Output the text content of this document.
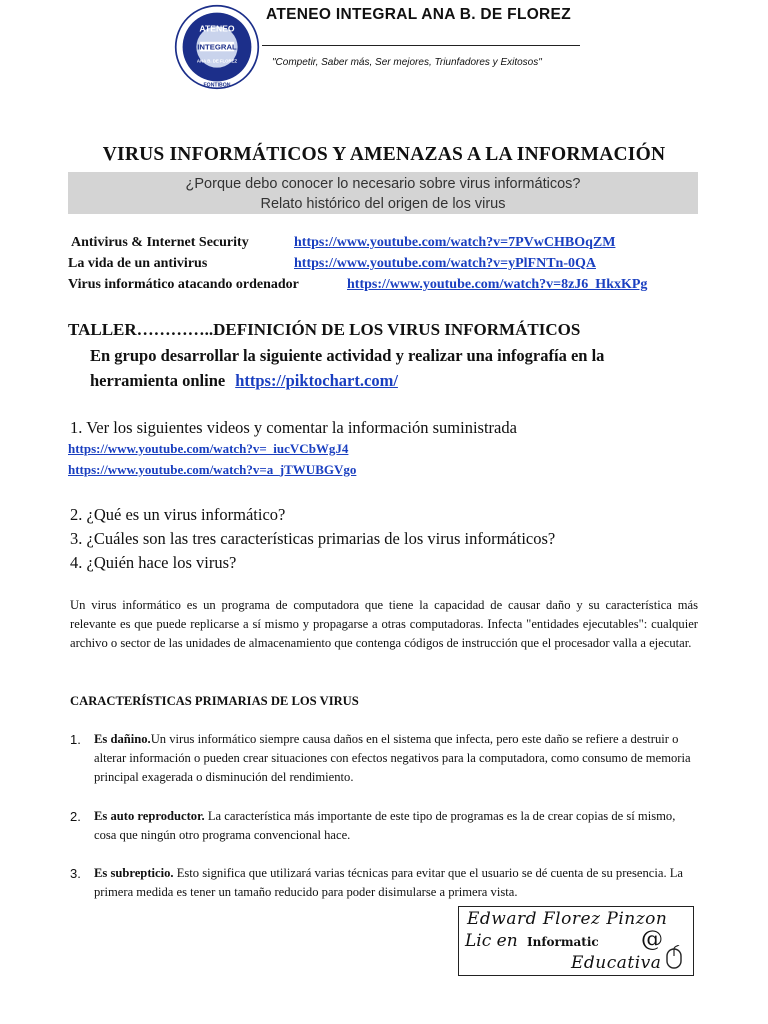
ATENEO
INTEGRAL
ANA B. DE FLOREZ
FONTIBON
ATENEO INTEGRAL ANA B. DE FLOREZ
"Competir, Saber más, Ser mejores, Triunfadores y Exitosos"
VIRUS INFORMÁTICOS Y AMENAZAS A LA INFORMACIÓN
¿Porque debo conocer lo necesario sobre virus informáticos?
Relato histórico del origen de los virus
Antivirus & Internet Security	https://www.youtube.com/watch?v=7PVwCHBOqZM
La vida de un antivirus	https://www.youtube.com/watch?v=yPlFNTn-0QA
Virus informático atacando ordenador	https://www.youtube.com/watch?v=8zJ6_HkxKPg
TALLER…………..DEFINICIÓN DE LOS VIRUS INFORMÁTICOS
En grupo desarrollar la siguiente actividad y realizar una infografía en la
herramienta online https://piktochart.com/
1. Ver los siguientes videos y comentar la información suministrada
https://www.youtube.com/watch?v=_iucVCbWgJ4
https://www.youtube.com/watch?v=a_jTWUBGVgo
2. ¿Qué es un virus informático?
3. ¿Cuáles son las tres características primarias de los virus informáticos?
4. ¿Quién hace los virus?
Un virus informático es un programa de computadora que tiene la capacidad de causar daño y su característica más relevante es que puede replicarse a sí mismo y propagarse a otras computadoras. Infecta "entidades ejecutables": cualquier archivo o sector de las unidades de almacenamiento que contenga códigos de instrucción que el procesador valla a ejecutar.
CARACTERÍSTICAS PRIMARIAS DE LOS VIRUS
1. Es dañino.Un virus informático siempre causa daños en el sistema que infecta, pero este daño se refiere a destruir o alterar información o pueden crear situaciones con efectos negativos para la computadora, como consumo de memoria principal exagerada o disminución del rendimiento.
2. Es auto reproductor. La característica más importante de este tipo de programas es la de crear copias de sí mismo, cosa que ningún otro programa convencional hace.
3. Es subrepticio. Esto significa que utilizará varias técnicas para evitar que el usuario se dé cuenta de su presencia. La primera medida es tener un tamaño reducido para poder disimularse a primera vista.
Edward Florez Pinzon
Lic en Informatic @
Educativa
